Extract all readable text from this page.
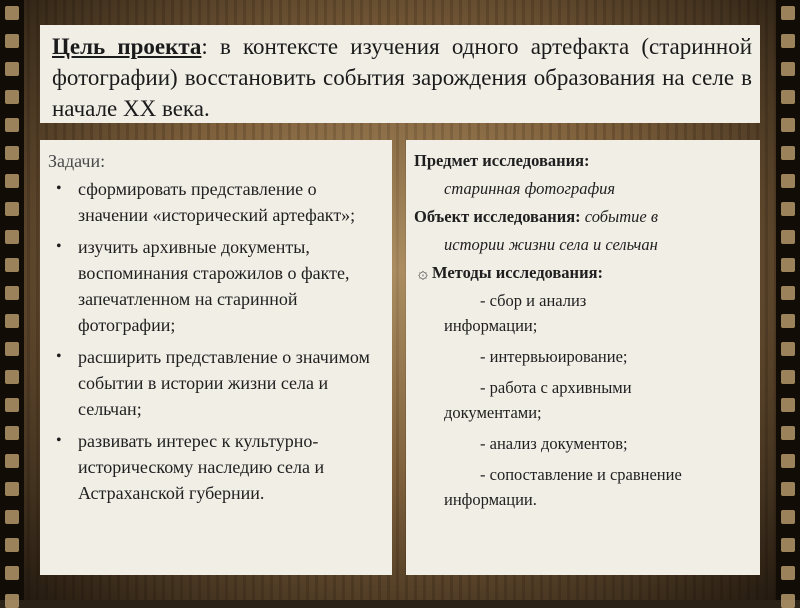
Цель проекта: в контексте изучения одного артефакта (старинной фотографии) восстановить события зарождения образования на селе в начале XX века.
Задачи:
• сформировать представление о значении «исторический артефакт»;
• изучить архивные документы, воспоминания старожилов о факте, запечатленном на старинной фотографии;
• расширить представление о значимом событии в истории жизни села и сельчан;
• развивать интерес к культурно-историческому наследию села и Астраханской губернии.
Предмет исследования:
старинная фотография
Объект исследования: событие в
истории жизни села и сельчан
۞ Методы исследования:
- сбор и анализ
информации;
- интервьюирование;
- работа с архивными
документами;
- анализ документов;
- сопоставление и сравнение
информации.
